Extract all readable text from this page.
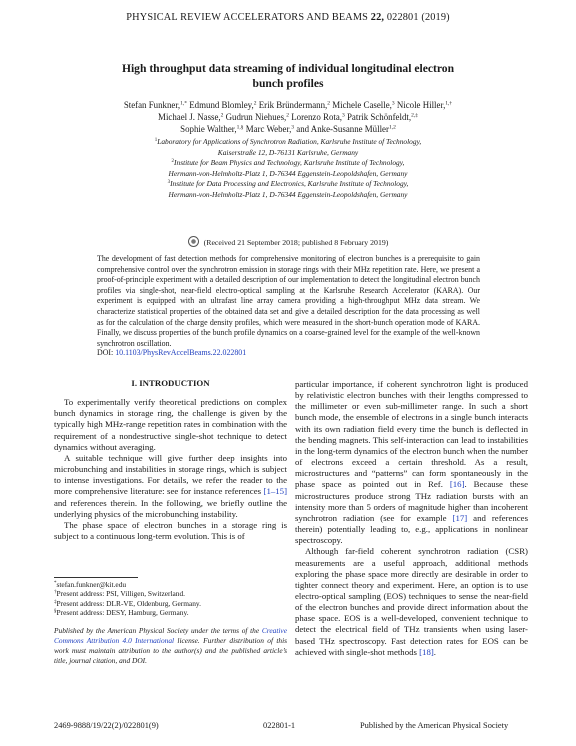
PHYSICAL REVIEW ACCELERATORS AND BEAMS 22, 022801 (2019)
High throughput data streaming of individual longitudinal electron
bunch profiles
Stefan Funkner,$^{1,*}$ Edmund Blomley,$^2$ Erik Bründermann,$^2$ Michele Caselle,$^3$ Nicole Hiller,$^{1,\dagger}$
Michael J. Nasse,$^2$ Gudrun Niehues,$^2$ Lorenzo Rota,$^3$ Patrik Schönfeldt,$^{2,\ddagger}$
Sophie Walther,$^{1,\S}$ Marc Weber,$^3$ and Anke-Susanne Müller$^{1,2}$
$^1$Laboratory for Applications of Synchrotron Radiation, Karlsruhe Institute of Technology,
Kaiserstraße 12, D-76131 Karlsruhe, Germany
$^2$Institute for Beam Physics and Technology, Karlsruhe Institute of Technology,
Hermann-von-Helmholtz-Platz 1, D-76344 Eggenstein-Leopoldshafen, Germany
$^3$Institute for Data Processing and Electronics, Karlsruhe Institute of Technology,
Hermann-von-Helmholtz-Platz 1, D-76344 Eggenstein-Leopoldshafen, Germany
(Received 21 September 2018; published 8 February 2019)
The development of fast detection methods for comprehensive monitoring of electron bunches is a prerequisite to gain comprehensive control over the synchrotron emission in storage rings with their MHz repetition rate. Here, we present a proof-of-principle experiment with a detailed description of our implementation to detect the longitudinal electron bunch profiles via single-shot, near-field electro-optical sampling at the Karlsruhe Research Accelerator (KARA). Our experiment is equipped with an ultrafast line array camera providing a high-throughput MHz data stream. We characterize statistical properties of the obtained data set and give a detailed description for the data processing as well as for the calculation of the charge density profiles, which were measured in the short-bunch operation mode of KARA. Finally, we discuss properties of the bunch profile dynamics on a coarse-grained level for the example of the well-known synchrotron oscillation.
DOI: 10.1103/PhysRevAccelBeams.22.022801
I. INTRODUCTION

To experimentally verify theoretical predictions on complex bunch dynamics in storage ring, the challenge is given by the typically high MHz-range repetition rates in combination with the requirement of a nondestructive single-shot technique to detect dynamics without averaging.

A suitable technique will give further deep insights into microbunching and instabilities in storage rings, which is subject to intense investigations. For details, we refer the reader to the more comprehensive literature: see for instance references [1–15] and references therein. In the following, we briefly outline the underlying physics of the microbunching instability.

The phase space of electron bunches in a storage ring is subject to a continuous long-term evolution. This is of

particular importance, if coherent synchrotron light is produced by relativistic electron bunches with their lengths compressed to the millimeter or even sub-millimeter range. In such a short bunch mode, the ensemble of electrons in a single bunch interacts with its own radiation field every time the bunch is deflected in the bending magnets. This self-interaction can lead to instabilities in the long-term dynamics of the electron bunch when the number of electrons exceed a certain threshold. As a result, microstructures and “patterns” can form spontaneously in the phase space as pointed out in Ref. [16]. Because these microstructures produce strong THz radiation bursts with an intensity more than 5 orders of magnitude higher than incoherent synchrotron radiation (see for example [17] and references therein) potentially leading to, e.g., applications in nonlinear spectroscopy.

Although far-field coherent synchrotron radiation (CSR) measurements are a useful approach, additional methods exploring the phase space more directly are desirable in order to tighter connect theory and experiment. Here, an option is to use electro-optical sampling (EOS) techniques to sense the near-field of the electron bunches and provide direct information about the phase space. EOS is a well-developed, convenient technique to detect the electrical field of THz transients when using laser-based THz spectroscopy. Fast detection rates for EOS can be achieved with single-shot methods [18].

*stefan.funkner@kit.edu
†Present address: PSI, Villigen, Switzerland.
‡Present address: DLR-VE, Oldenburg, Germany.
§Present address: DESY, Hamburg, Germany.
Published by the American Physical Society under the terms of the Creative Commons Attribution 4.0 International license. Further distribution of this work must maintain attribution to the author(s) and the published article’s title, journal citation, and DOI.
2469-9888/19/22(2)/022801(9)	022801-1	Published by the American Physical Society
